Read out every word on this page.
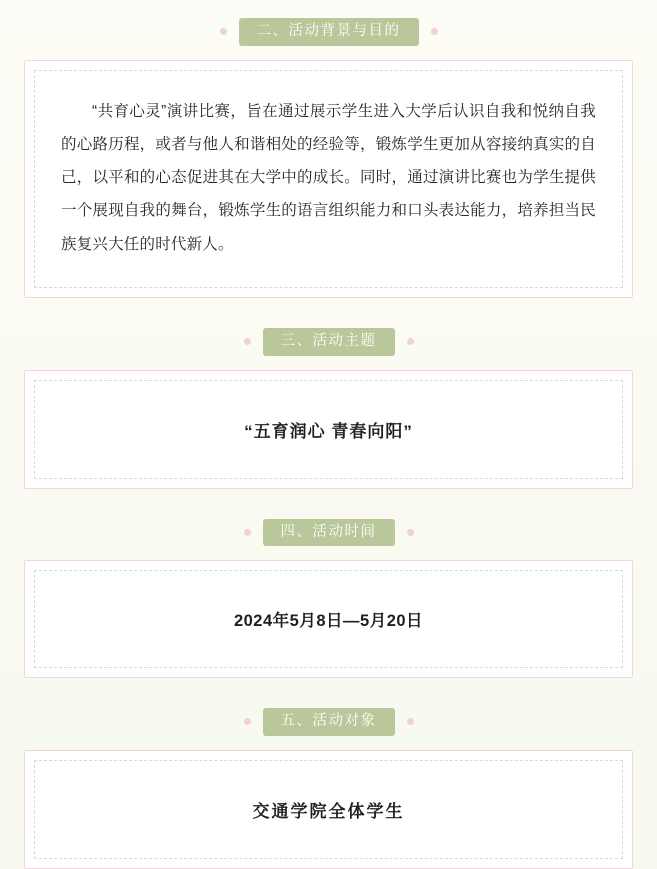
二、活动背景与目的

“共育心灵”演讲比赛，旨在通过展示学生进入大学后认识自我和悦纳自我的心路历程，或者与他人和谐相处的经验等，锻炼学生更加从容接纳真实的自己，以平和的心态促进其在大学中的成长。同时，通过演讲比赛也为学生提供一个展现自我的舞台，锻炼学生的语言组织能力和口头表达能力，培养担当民族复兴大任的时代新人。

三、活动主题

“五育润心 青春向阳”

四、活动时间

2024年5月8日—5月20日

五、活动对象

交通学院全体学生
